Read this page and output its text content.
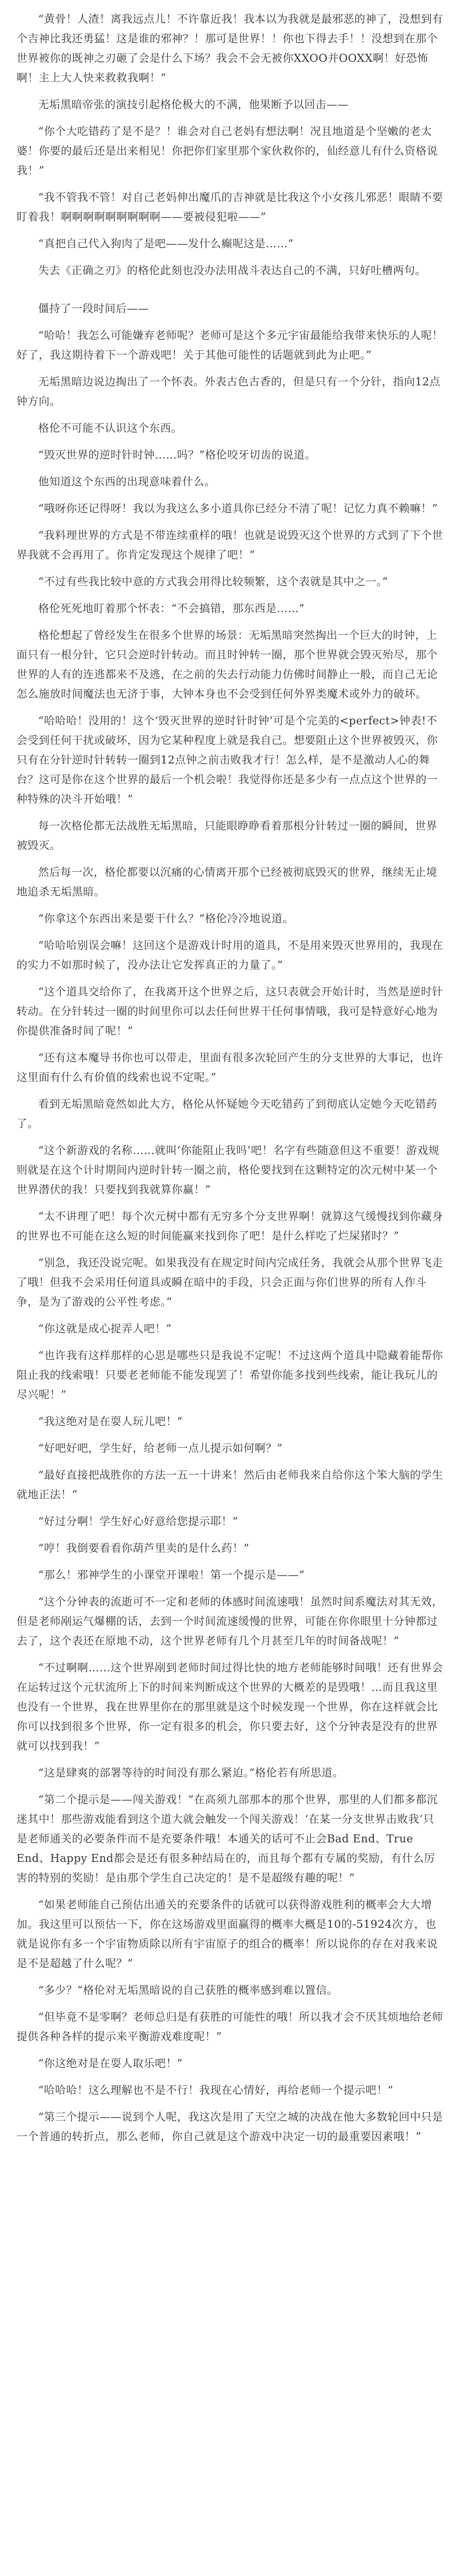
“黄骨！人渣！离我远点儿！不许靠近我！我本以为我就是最邪恶的神了，没想到有个吉神比我还勇猛！这是谁的邪神？！那可是世界！！你也下得去手！！没想到在那个世界被你的既神之刃砸了会是什么下场？我会不会无被你XXOO并OOXX啊！好恐怖啊！主上大人快来救救我啊！”

无垢黑暗帝张的演技引起格伦极大的不满，他果断予以回击——

“你个大吃错药了是不是？！谁会对自己老妈有想法啊！况且地道是个坚嫩的老太婆！你要的最后还是出来相见！你把你们家里那个家伙救你的，仙经意儿有什么资格说我！”

“我不管我不管！对自己老妈伸出魔爪的吉神就是比我这个小女孩儿邪恶！眼睛不要盯着我！啊啊啊啊啊啊啊啊啊——要被侵犯啦——”

“真把自己代入狗肉了是吧——发什么癫呢这是……”

失去《正确之刃》的格伦此刻也没办法用战斗表达自己的不满，只好吐槽两句。

僵持了一段时间后——

“哈哈！我怎么可能嫌弃老师呢？老师可是这个多元宇宙最能给我带来快乐的人呢！好了，我这期待着下一个游戏吧！关于其他可能性的话题就到此为止吧。”

无垢黑暗边说边掏出了一个怀表。外表古色古香的，但是只有一个分针，指向12点钟方向。

格伦不可能不认识这个东西。

“毁灭世界的逆时针时钟……吗？”格伦咬牙切齿的说道。

他知道这个东西的出现意味着什么。

“哦呀你还记得呀！我以为我这么多小道具你已经分不清了呢！记忆力真不赖嘛！”

“我料理世界的方式是不带连续重样的哦！也就是说毁灭这个世界的方式到了下个世界我就不会再用了。你肯定发现这个规律了吧！”

“不过有些我比较中意的方式我会用得比较频繁，这个表就是其中之一。”

格伦死死地盯着那个怀表：“不会搞错，那东西是……”

格伦想起了曾经发生在很多个世界的场景：无垢黑暗突然掏出一个巨大的时钟，上面只有一根分针，它只会逆时针转动。而且时钟转一圈，那个世界就会毁灭殆尽，那个世界的人有的连逃都来不及逃，在之前的失去行动能力仿佛时间静止一般，而自己无论怎么施放时间魔法也无济于事，大钟本身也不会受到任何外界类魔术或外力的破坏。

“哈哈哈！没用的！这个‘毁灭世界的逆时针时钟’可是个完美的<perfect>钟表!不会受到任何干扰或破坏，因为它某种程度上就是我自己。想要阻止这个世界被毁灭，你只有在分针逆时针转转一圈到12点钟之前击败我才行！怎么样，是不是激动人心的舞台？这可是你在这个世界的最后一个机会啦！我觉得你还是多少有一点点这个世界的一种特殊的决斗开始哦！”

每一次格伦都无法战胜无垢黑暗，只能眼睁睁看着那根分针转过一圈的瞬间，世界被毁灭。

然后每一次，格伦都要以沉痛的心情离开那个已经被彻底毁灭的世界，继续无止境地追杀无垢黑暗。

“你拿这个东西出来是要干什么？”格伦冷冷地说道。

“哈哈哈别误会嘛！这回这个是游戏计时用的道具，不是用来毁灭世界用的，我现在的实力不如那时候了，没办法让它发挥真正的力量了。”

“这个道具交给你了，在我离开这个世界之后，这只表就会开始计时，当然是逆时针转动。在分针转过一圈的时间里你可以去任何世界干任何事情哦，我可是特意好心地为你提供准备时间了呢！”

“还有这本魔导书你也可以带走，里面有很多次轮回产生的分支世界的大事记，也许这里面有什么有价值的线索也说不定呢。”

看到无垢黑暗竟然如此大方，格伦从怀疑她今天吃错药了到彻底认定她今天吃错药了。

“这个新游戏的名称……就叫‘你能阻止我吗’吧！名字有些随意但这不重要！游戏规则就是在这个计时期间内逆时针转一圈之前，格伦要找到在这颗特定的次元树中某一个世界潜伏的我！只要找到我就算你赢！”

“太不讲理了吧！每个次元树中都有无穷多个分支世界啊！就算这气缓慢找到你藏身的世界也不可能在这么短的时间能赢来找到你了吧！是什么样吃了烂屎猪时？”

“别急，我还没说完呢。如果我没有在规定时间内完成任务，我就会从那个世界飞走了哦！但我不会采用任何道具或瞬在暗中的手段，只会正面与你们世界的所有人作斗争，是为了游戏的公平性考虑。”

“你这就是成心捉弄人吧！”

“也许我有这样那样的心思是哪些只是我说不定呢！不过这两个道具中隐藏着能帮你阻止我的线索哦！只要老老师能不能发现罢了！希望你能多找到些线索，能让我玩儿的尽兴呢！”

“我这绝对是在耍人玩儿吧！”

“好吧好吧，学生好，给老师一点儿提示如何啊？”

“最好直接把战胜你的方法一五一十讲来！然后由老师我来自给你这个笨大脑的学生就地正法！”

“好过分啊！学生好心好意给您提示耶！”

“哼！我倒要看看你葫芦里卖的是什么药！”

“那么！邪神学生的小课堂开课啦！第一个提示是——”

“这个分钟表的流逝可不一定和老师的体感时间流速哦！虽然时间系魔法对其无效，但是老师剐运气爆棚的话，去到一个时间流速缓慢的世界，可能在你你眼里十分钟都过去了，这个表还在原地不动，这个世界老师有几个月甚至几年的时间备战呢！”

“不过啊啊……这个世界剐到老师时间过得比快的地方老师能够时间哦！还有世界会在运转过这个元状流所上下的时间来判断成这个世界的大概差的是毁哦！…而且我这里也没有一个世界，我在世界里你在的那里就是这个时候发现一个世界，你在这样就会比你可以找到很多个世界，你一定有很多的机会，你只要去好，这个分钟表是没有的世界就可以找到我！”

“这是肆爽的部署等待的时间没有那么紧迫。”格伦若有所思道。

“第二个提示是——闯关游戏！”在高须九部那本的那个世界，那里的人们都多都沉迷其中！那些游戏能看到这个道大就会触发一个闯关游戏！‘在某一分支世界击败我’只是老师通关的必要条件而不是充要条件哦！本通关的话可不止会Bad End、True End、Happy End都会是还有很多种结局在的，而且每个都有专属的奖励，有什么厉害的特别的奖励！是由那个学生自己决定的！是不是超级有趣的呢！”

“如果老师能自己预估出通关的充要条件的话就可以获得游戏胜利的概率会大大增加。我这里可以预估一下，你在这场游戏里面赢得的概率大概是10的-51924次方，也就是说你有多一个宇宙物质除以所有宇宙原子的组合的概率！所以说你的存在对我来说是不是超越了什么呢？”

“多少？”格伦对无垢黑暗说的自己获胜的概率感到难以置信。

“但毕竟不是零啊？老师总归是有获胜的可能性的哦！所以我才会不厌其烦地给老师提供各种各样的提示来平衡游戏难度呢！”

“你这绝对是在耍人取乐吧！”

“哈哈哈！这么理解也不是不行！我现在心情好，再给老师一个提示吧！”

“第三个提示——说到个人呢，我这次是用了天空之城的决战在他大多数轮回中只是一个普通的转折点，那么老师，你自己就是这个游戏中决定一切的最重要因素哦！”
